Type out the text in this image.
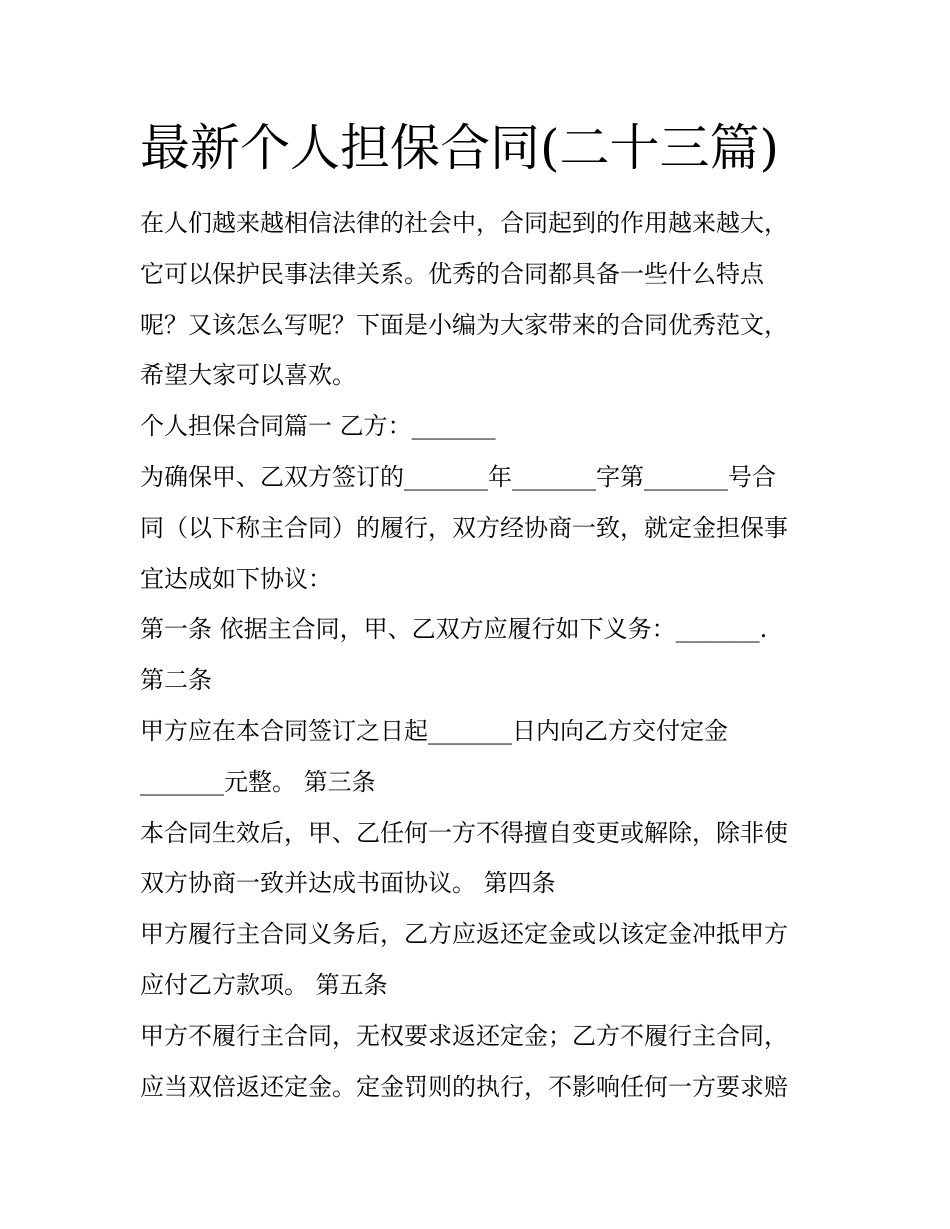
最新个人担保合同(二十三篇)
在人们越来越相信法律的社会中，合同起到的作用越来越大，
它可以保护民事法律关系。优秀的合同都具备一些什么特点
呢？又该怎么写呢？下面是小编为大家带来的合同优秀范文，
希望大家可以喜欢。
个人担保合同篇一 乙方：_______
为确保甲、乙双方签订的_______年_______字第_______号合
同（以下称主合同）的履行，双方经协商一致，就定金担保事
宜达成如下协议：
第一条 依据主合同，甲、乙双方应履行如下义务：_______.
第二条
甲方应在本合同签订之日起_______日内向乙方交付定金
_______元整。 第三条
本合同生效后，甲、乙任何一方不得擅自变更或解除，除非使
双方协商一致并达成书面协议。 第四条
甲方履行主合同义务后，乙方应返还定金或以该定金冲抵甲方
应付乙方款项。 第五条
甲方不履行主合同，无权要求返还定金；乙方不履行主合同，
应当双倍返还定金。定金罚则的执行，不影响任何一方要求赔
